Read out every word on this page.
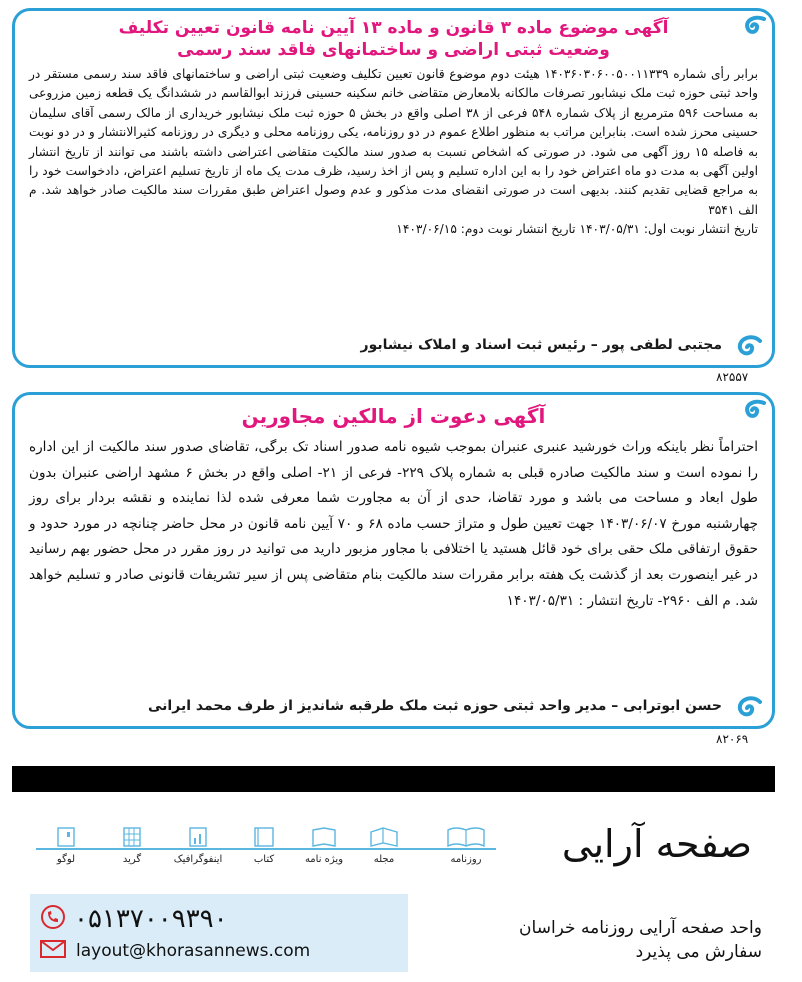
آگهی موضوع ماده ۳ قانون و ماده ۱۳ آیین نامه قانون تعیین تکلیف
وضعیت ثبتی اراضی و ساختمانهای فاقد سند رسمی

برابر رأی شماره ۱۴۰۳۶۰۳۰۶۰۰۵۰۰۱۱۳۳۹ هیئت دوم موضوع قانون تعیین تکلیف وضعیت ثبتی اراضی و ساختمانهای فاقد سند رسمی مستقر در واحد ثبتی حوزه ثبت ملک نیشابور تصرفات مالکانه بلامعارض متقاضی خانم سکینه حسینی فرزند ابوالقاسم در ششدانگ یک قطعه زمین مزروعی به مساحت ۵۹۶ مترمربع از پلاک شماره ۵۴۸ فرعی از ۳۸ اصلی واقع در بخش ۵ حوزه ثبت ملک نیشابور خریداری از مالک رسمی آقای سلیمان حسینی محرز شده است. بنابراین مراتب به منظور اطلاع عموم در دو روزنامه، یکی روزنامه محلی و دیگری در روزنامه کثیرالانتشار و در دو نوبت به فاصله ۱۵ روز آگهی می شود. در صورتی که اشخاص نسبت به صدور سند مالکیت متقاضی اعتراضی داشته باشند می توانند از تاریخ انتشار اولین آگهی به مدت دو ماه اعتراض خود را به این اداره تسلیم و پس از اخذ رسید، ظرف مدت یک ماه از تاریخ تسلیم اعتراض، دادخواست خود را به مراجع قضایی تقدیم کنند. بدیهی است در صورتی انقضای مدت مذکور و عدم وصول اعتراض طبق مقررات سند مالکیت صادر خواهد شد. م الف ۳۵۴۱

تاریخ انتشار نوبت اول: ۱۴۰۳/۰۵/۳۱ تاریخ انتشار نوبت دوم: ۱۴۰۳/۰۶/۱۵
مجتبی لطفی پور – رئیس ثبت اسناد و املاک نیشابور
۸۲۵۵۷
آگهی دعوت از مالکین مجاورین

احتراماً نظر باینکه وراث خورشید عنبری عنبران بموجب شیوه نامه صدور اسناد تک برگی، تقاضای صدور سند مالکیت از این اداره را نموده است و سند مالکیت صادره قبلی به شماره پلاک ۲۲۹- فرعی از ۲۱- اصلی واقع در بخش ۶ مشهد اراضی عنبران بدون طول ابعاد و مساحت می باشد و مورد تقاضا، حدی از آن به مجاورت شما معرفی شده لذا نماینده و نقشه بردار برای روز چهارشنبه مورخ ۱۴۰۳/۰۶/۰۷ جهت تعیین طول و متراژ حسب ماده ۶۸ و ۷۰ آیین نامه قانون در محل حاضر چنانچه در مورد حدود و حقوق ارتفاقی ملک حقی برای خود قائل هستید یا اختلافی با مجاور مزبور دارید می توانید در روز مقرر در محل حضور بهم رسانید در غیر اینصورت بعد از گذشت یک هفته برابر مقررات سند مالکیت بنام متقاضی پس از سیر تشریفات قانونی صادر و تسلیم خواهد شد. م الف ۲۹۶۰- تاریخ انتشار : ۱۴۰۳/۰۵/۳۱

حسن ابوترابی – مدیر واحد ثبتی حوزه ثبت ملک طرقبه شاندیز از طرف محمد ایرانی
۸۲۰۶۹
صفحه آرایی
روزنامه
مجله
ویژه نامه
کتاب
اینفوگرافیک
گرید
لوگو
۰۵۱۳۷۰۰۹۳۹۰
layout@khorasannews.com
واحد صفحه آرایی روزنامه خراسان
سفارش می پذیرد
